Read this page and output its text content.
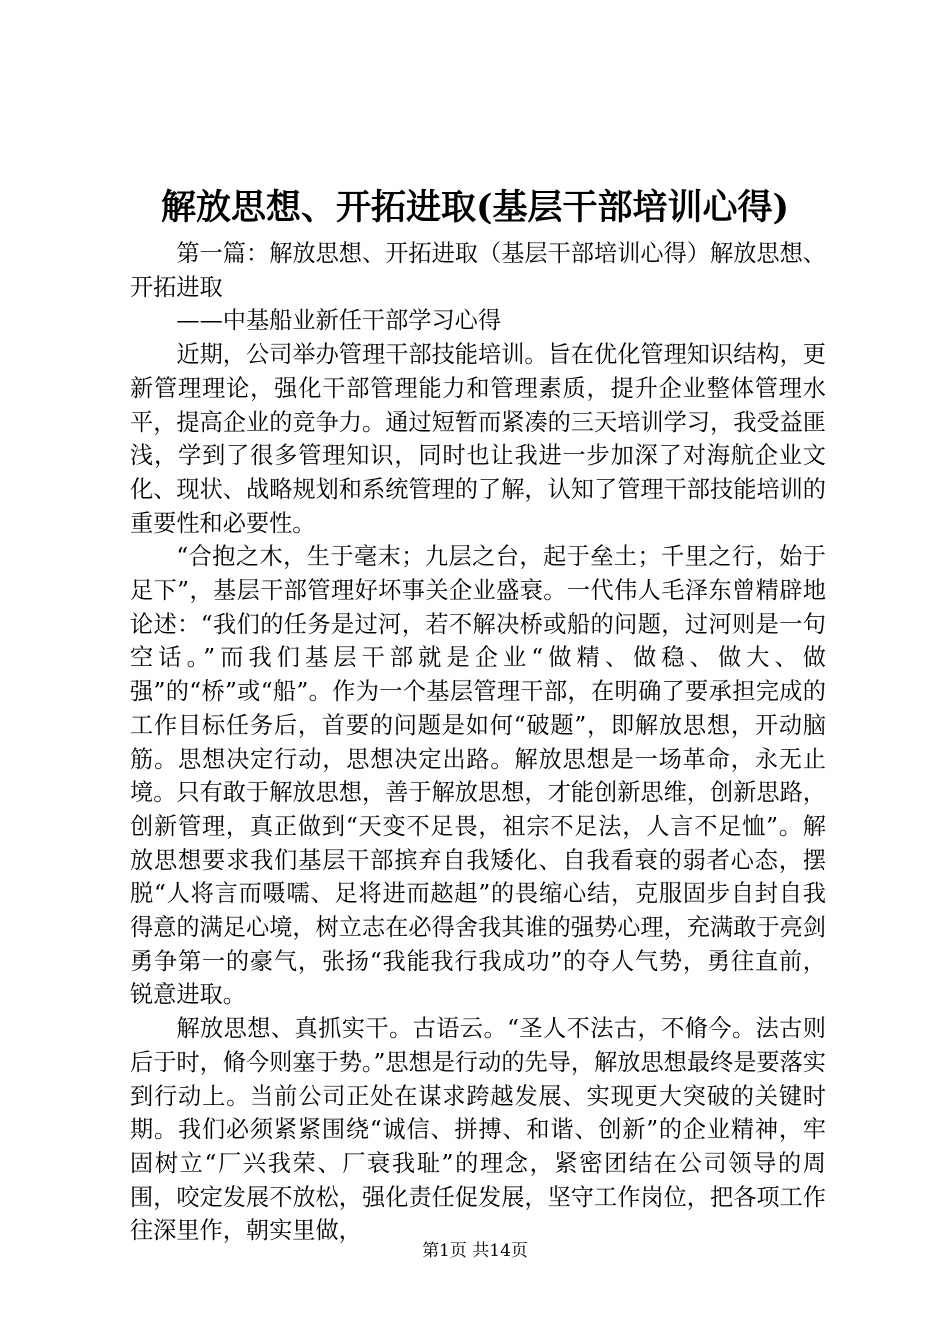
解放思想、开拓进取(基层干部培训心得)

第一篇：解放思想、开拓进取（基层干部培训心得）解放思想、开拓进取

——中基船业新任干部学习心得

近期，公司举办管理干部技能培训。旨在优化管理知识结构，更新管理理论，强化干部管理能力和管理素质，提升企业整体管理水平，提高企业的竞争力。通过短暂而紧凑的三天培训学习，我受益匪浅，学到了很多管理知识，同时也让我进一步加深了对海航企业文化、现状、战略规划和系统管理的了解，认知了管理干部技能培训的重要性和必要性。

“合抱之木，生于毫末；九层之台，起于垒土；千里之行，始于足下”，基层干部管理好坏事关企业盛衰。一代伟人毛泽东曾精辟地论述：“我们的任务是过河，若不解决桥或船的问题，过河则是一句空话。”而我们基层干部就是企业“做精、做稳、做大、做强”的“桥”或“船”。作为一个基层管理干部，在明确了要承担完成的工作目标任务后，首要的问题是如何“破题”，即解放思想，开动脑筋。思想决定行动，思想决定出路。解放思想是一场革命，永无止境。只有敢于解放思想，善于解放思想，才能创新思维，创新思路，创新管理，真正做到“天变不足畏，祖宗不足法，人言不足恤”。解放思想要求我们基层干部摈弃自我矮化、自我看衰的弱者心态，摆脱“人将言而嗫嚅、足将进而趑趄”的畏缩心结，克服固步自封自我得意的满足心境，树立志在必得舍我其谁的强势心理，充满敢于亮剑勇争第一的豪气，张扬“我能我行我成功”的夺人气势，勇往直前，锐意进取。

解放思想、真抓实干。古语云。“圣人不法古，不脩今。法古则后于时，脩今则塞于势。”思想是行动的先导，解放思想最终是要落实到行动上。当前公司正处在谋求跨越发展、实现更大突破的关键时期。我们必须紧紧围绕“诚信、拼搏、和谐、创新”的企业精神，牢固树立“厂兴我荣、厂衰我耻”的理念，紧密团结在公司领导的周围，咬定发展不放松，强化责任促发展，坚守工作岗位，把各项工作往深里作，朝实里做，

第1页 共14页
